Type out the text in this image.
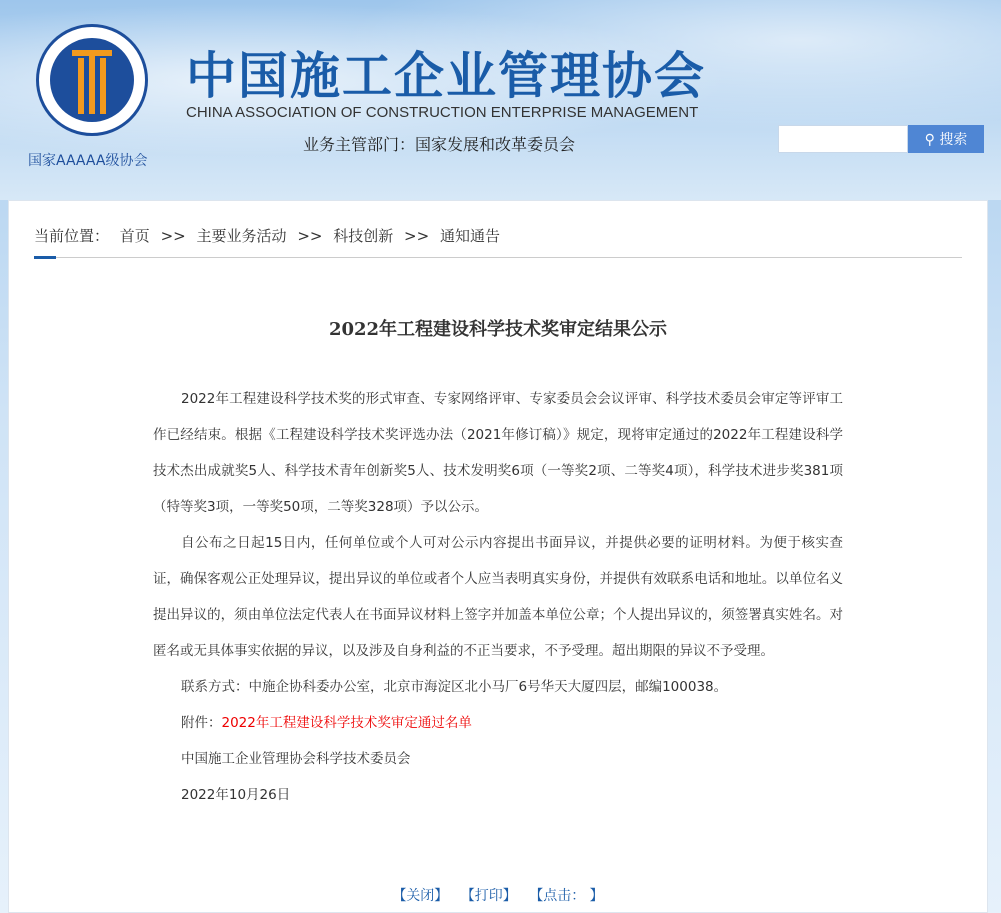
国家AAAAA级协会
中国施工企业管理协会
CHINA ASSOCIATION OF CONSTRUCTION ENTERPRISE MANAGEMENT
业务主管部门：国家发展和改革委员会	⚲ 搜索
当前位置： 首页 >> 主要业务活动 >> 科技创新 >> 通知通告
2022年工程建设科学技术奖审定结果公示

2022年工程建设科学技术奖的形式审查、专家网络评审、专家委员会会议评审、科学技术委员会审定等评审工作已经结束。根据《工程建设科学技术奖评选办法（2021年修订稿）》规定，现将审定通过的2022年工程建设科学技术杰出成就奖5人、科学技术青年创新奖5人、技术发明奖6项（一等奖2项、二等奖4项），科学技术进步奖381项（特等奖3项，一等奖50项，二等奖328项）予以公示。

自公布之日起15日内，任何单位或个人可对公示内容提出书面异议，并提供必要的证明材料。为便于核实查证，确保客观公正处理异议，提出异议的单位或者个人应当表明真实身份，并提供有效联系电话和地址。以单位名义提出异议的，须由单位法定代表人在书面异议材料上签字并加盖本单位公章；个人提出异议的，须签署真实姓名。对匿名或无具体事实依据的异议，以及涉及自身利益的不正当要求，不予受理。超出期限的异议不予受理。

联系方式：中施企协科委办公室，北京市海淀区北小马厂6号华天大厦四层，邮编100038。

附件：2022年工程建设科学技术奖审定通过名单

中国施工企业管理协会科学技术委员会

2022年10月26日

【关闭】 【打印】 【点击： 】
